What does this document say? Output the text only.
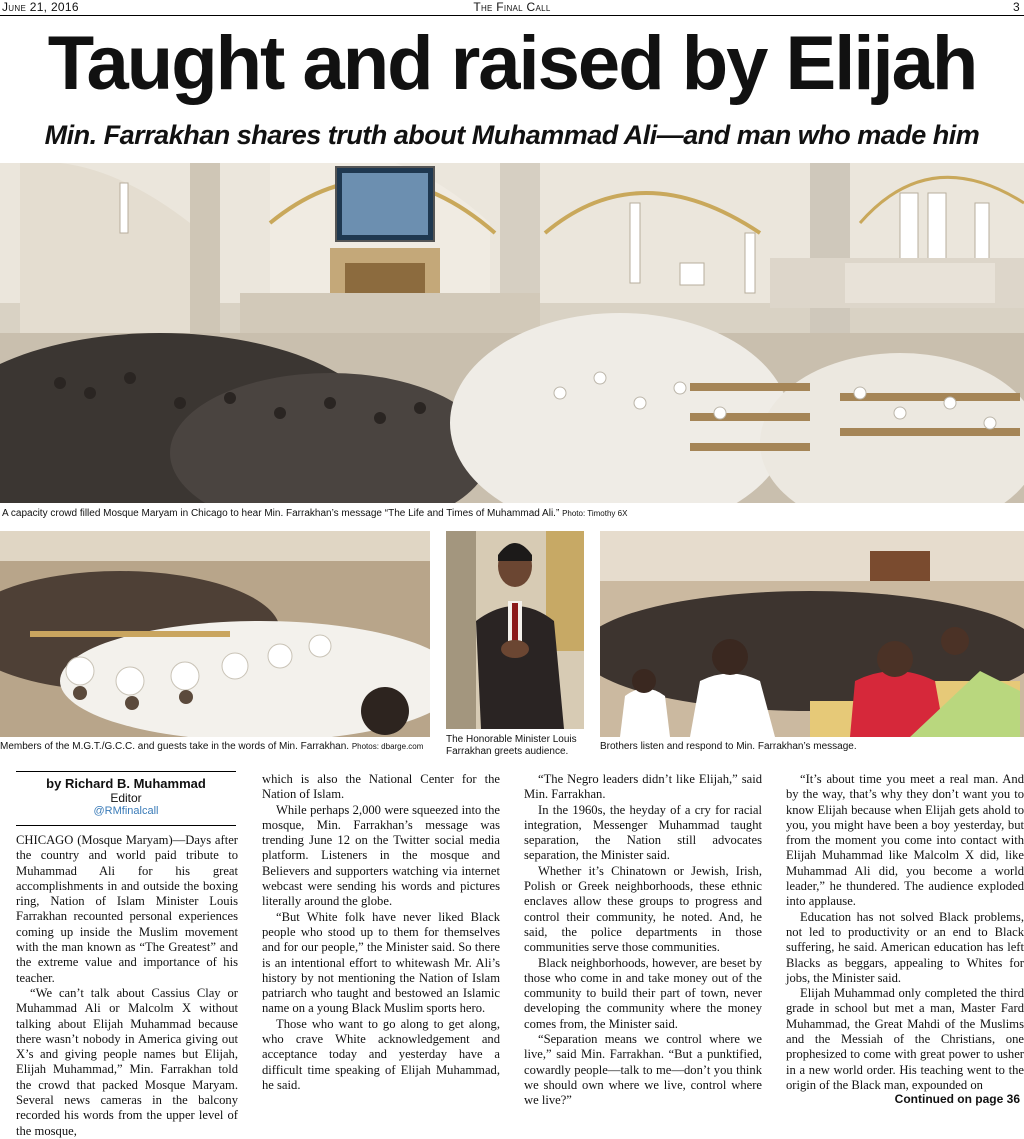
June 21, 2016	The Final Call	3
Taught and raised by Elijah
Min. Farrakhan shares truth about Muhammad Ali—and man who made him
A capacity crowd filled Mosque Maryam in Chicago to hear Min. Farrakhan’s message “The Life and Times of Muhammad Ali.” Photo: Timothy 6X
Members of the M.G.T./G.C.C. and guests take in the words of Min. Farrakhan. Photos: dbarge.com
The Honorable Minister Louis Farrakhan greets audience.	Brothers listen and respond to Min. Farrakhan’s message.
by Richard B. Muhammad
Editor
@RMfinalcall

CHICAGO (Mosque Maryam)—Days after the country and world paid tribute to Muhammad Ali for his great accomplishments in and outside the boxing ring, Nation of Islam Minister Louis Farrakhan recounted personal experiences coming up inside the Muslim movement with the man known as “The Greatest” and the extreme value and importance of his teacher.

“We can’t talk about Cassius Clay or Muhammad Ali or Malcolm X without talking about Elijah Muhammad because there wasn’t nobody in America giving out X’s and giving people names but Elijah, Elijah Muhammad,” Min. Farrakhan told the crowd that packed Mosque Maryam. Several news cameras in the balcony recorded his words from the upper level of the mosque,

which is also the National Center for the Nation of Islam.

While perhaps 2,000 were squeezed into the mosque, Min. Farrakhan’s message was trending June 12 on the Twitter social media platform. Listeners in the mosque and Believers and supporters watching via internet webcast were sending his words and pictures literally around the globe.

“But White folk have never liked Black people who stood up to them for themselves and for our people,” the Minister said. So there is an intentional effort to whitewash Mr. Ali’s history by not mentioning the Nation of Islam patriarch who taught and bestowed an Islamic name on a young Black Muslim sports hero.

Those who want to go along to get along, who crave White acknowledgement and acceptance today and yesterday have a difficult time speaking of Elijah Muhammad, he said.

“The Negro leaders didn’t like Elijah,” said Min. Farrakhan.

In the 1960s, the heyday of a cry for racial integration, Messenger Muhammad taught separation, the Nation still advocates separation, the Minister said.

Whether it’s Chinatown or Jewish, Irish, Polish or Greek neighborhoods, these ethnic enclaves allow these groups to progress and control their community, he noted. And, he said, the police departments in those communities serve those communities.

Black neighborhoods, however, are beset by those who come in and take money out of the community to build their part of town, never developing the community where the money comes from, the Minister said.

“Separation means we control where we live,” said Min. Farrakhan. “But a punktified, cowardly people—talk to me—don’t you think we should own where we live, control where we live?”

“It’s about time you meet a real man. And by the way, that’s why they don’t want you to know Elijah because when Elijah gets ahold to you, you might have been a boy yesterday, but from the moment you come into contact with Elijah Muhammad like Malcolm X did, like Muhammad Ali did, you become a world leader,” he thundered. The audience exploded into applause.

Education has not solved Black problems, not led to productivity or an end to Black suffering, he said. American education has left Blacks as beggars, appealing to Whites for jobs, the Minister said.

Elijah Muhammad only completed the third grade in school but met a man, Master Fard Muhammad, the Great Mahdi of the Muslims and the Messiah of the Christians, one prophesized to come with great power to usher in a new world order. His teaching went to the origin of the Black man, expounded on

Continued on page 36
